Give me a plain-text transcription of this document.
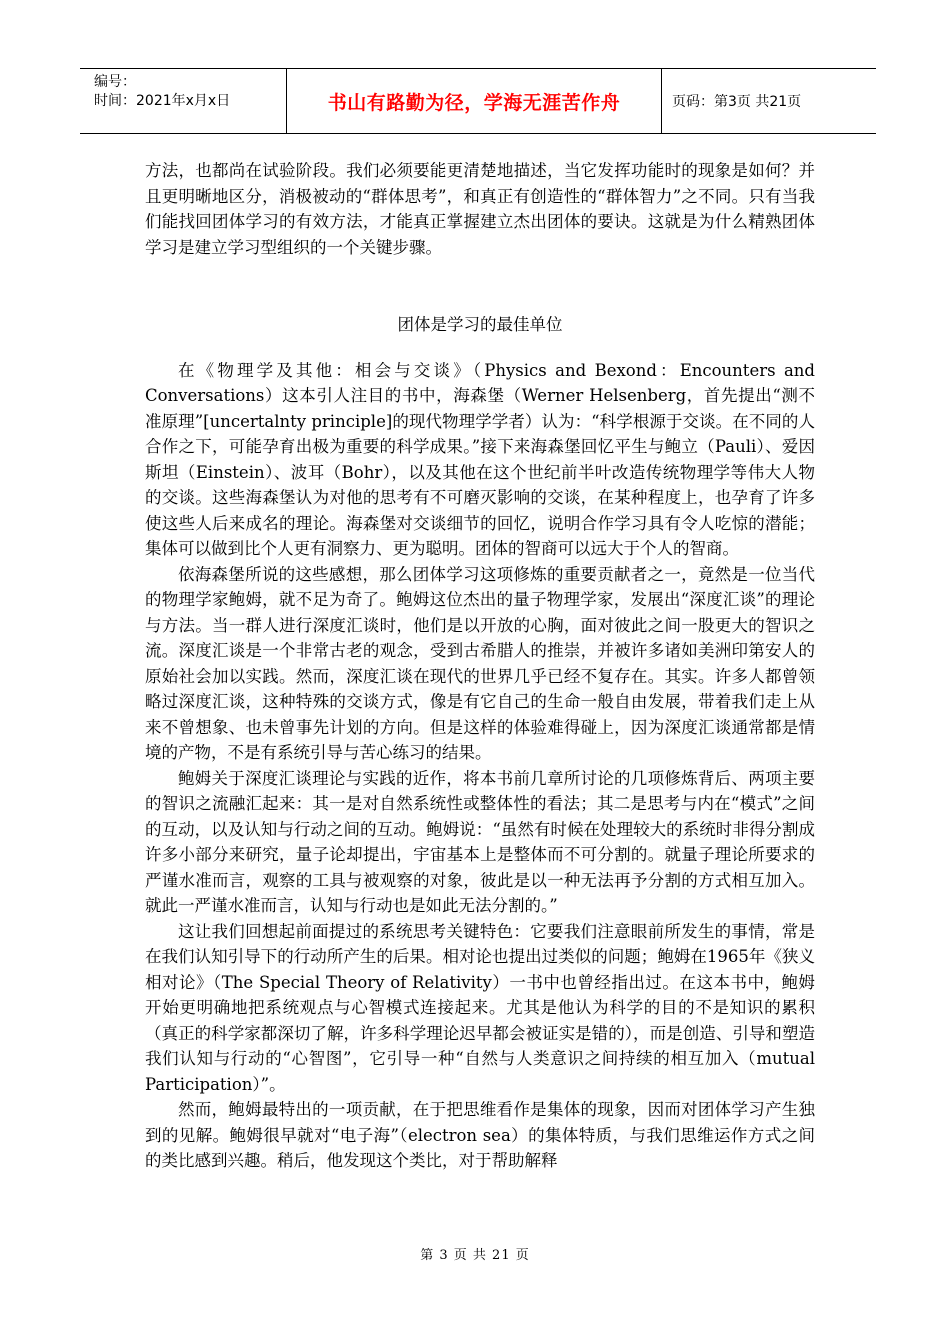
编号：
时间：2021年x月x日	书山有路勤为径，学海无涯苦作舟	页码：第3页 共21页

方法，也都尚在试验阶段。我们必须要能更清楚地描述，当它发挥功能时的现象是如何？并且更明晰地区分，消极被动的“群体思考”，和真正有创造性的“群体智力”之不同。只有当我们能找回团体学习的有效方法，才能真正掌握建立杰出团体的要诀。这就是为什么精熟团体学习是建立学习型组织的一个关键步骤。

团体是学习的最佳单位

在《物理学及其他：相会与交谈》（Physics and Bexond：Encounters and Conversations）这本引人注目的书中，海森堡（Werner Helsenberg，首先提出“测不准原理”[uncertalnty principle]的现代物理学学者）认为：“科学根源于交谈。在不同的人合作之下，可能孕育出极为重要的科学成果。”接下来海森堡回忆平生与鲍立（Pauli）、爱因斯坦（Einstein）、波耳（Bohr），以及其他在这个世纪前半叶改造传统物理学等伟大人物的交谈。这些海森堡认为对他的思考有不可磨灭影响的交谈，在某种程度上，也孕育了许多使这些人后来成名的理论。海森堡对交谈细节的回忆，说明合作学习具有令人吃惊的潜能；集体可以做到比个人更有洞察力、更为聪明。团体的智商可以远大于个人的智商。

依海森堡所说的这些感想，那么团体学习这项修炼的重要贡献者之一，竟然是一位当代的物理学家鲍姆，就不足为奇了。鲍姆这位杰出的量子物理学家，发展出“深度汇谈”的理论与方法。当一群人进行深度汇谈时，他们是以开放的心胸，面对彼此之间一股更大的智识之流。深度汇谈是一个非常古老的观念，受到古希腊人的推崇，并被许多诸如美洲印第安人的原始社会加以实践。然而，深度汇谈在现代的世界几乎已经不复存在。其实。许多人都曾领略过深度汇谈，这种特殊的交谈方式，像是有它自己的生命一般自由发展，带着我们走上从来不曾想象、也未曾事先计划的方向。但是这样的体验难得碰上，因为深度汇谈通常都是情境的产物，不是有系统引导与苦心练习的结果。

鲍姆关于深度汇谈理论与实践的近作，将本书前几章所讨论的几项修炼背后、两项主要的智识之流融汇起来：其一是对自然系统性或整体性的看法；其二是思考与内在“模式”之间的互动，以及认知与行动之间的互动。鲍姆说：“虽然有时候在处理较大的系统时非得分割成许多小部分来研究，量子论却提出，宇宙基本上是整体而不可分割的。就量子理论所要求的严谨水准而言，观察的工具与被观察的对象，彼此是以一种无法再予分割的方式相互加入。就此一严谨水准而言，认知与行动也是如此无法分割的。”

这让我们回想起前面提过的系统思考关键特色：它要我们注意眼前所发生的事情，常是在我们认知引导下的行动所产生的后果。相对论也提出过类似的问题；鲍姆在1965年《狭义相对论》（The Special Theory of Relativity）一书中也曾经指出过。在这本书中，鲍姆开始更明确地把系统观点与心智模式连接起来。尤其是他认为科学的目的不是知识的累积（真正的科学家都深切了解，许多科学理论迟早都会被证实是错的），而是创造、引导和塑造我们认知与行动的“心智图”，它引导一种“自然与人类意识之间持续的相互加入（mutual Participation）”。

然而，鲍姆最特出的一项贡献，在于把思维看作是集体的现象，因而对团体学习产生独到的见解。鲍姆很早就对“电子海”（electron sea）的集体特质，与我们思维运作方式之间的类比感到兴趣。稍后，他发现这个类比，对于帮助解释

第 3 页 共 21 页
